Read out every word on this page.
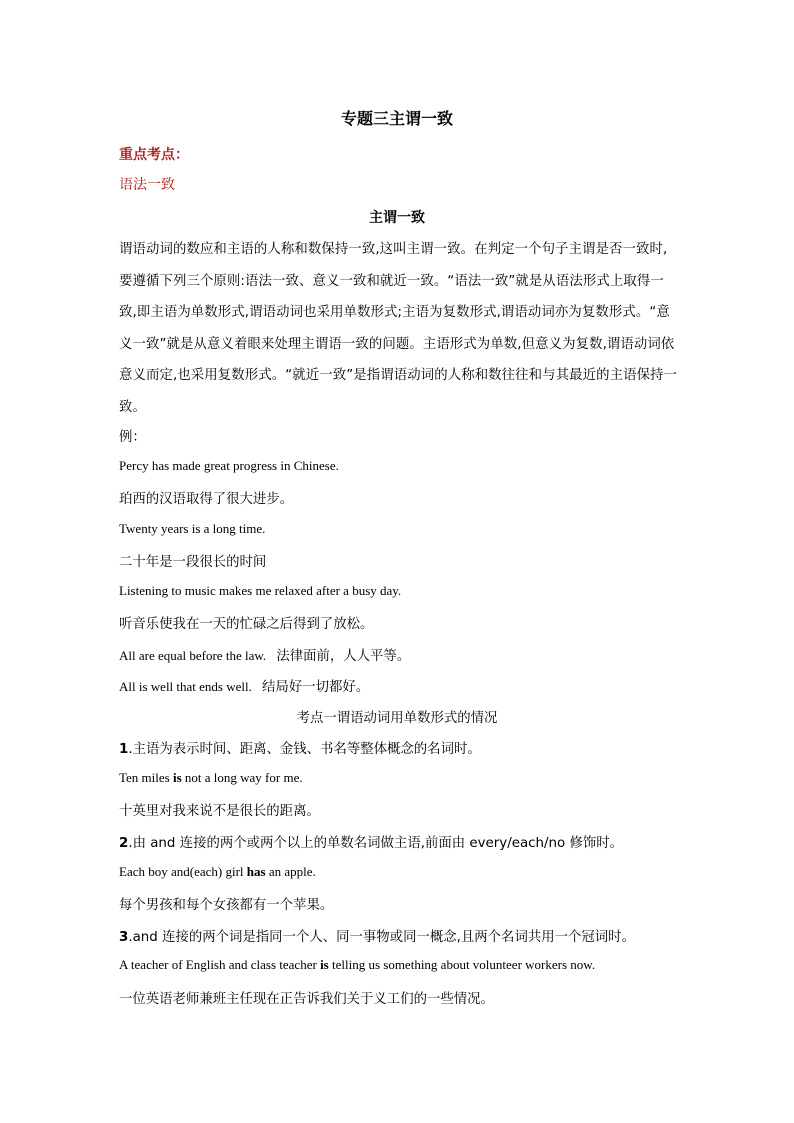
专题三主谓一致
重点考点：
语法一致
主谓一致
谓语动词的数应和主语的人称和数保持一致,这叫主谓一致。在判定一个句子主谓是否一致时,要遵循下列三个原则:语法一致、意义一致和就近一致。“语法一致”就是从语法形式上取得一致,即主语为单数形式,谓语动词也采用单数形式;主语为复数形式,谓语动词亦为复数形式。“意义一致”就是从意义着眼来处理主谓语一致的问题。主语形式为单数,但意义为复数,谓语动词依意义而定,也采用复数形式。“就近一致”是指谓语动词的人称和数往往和与其最近的主语保持一致。
例：
Percy has made great progress in Chinese.
珀西的汉语取得了很大进步。
Twenty years is a long time.
二十年是一段很长的时间
Listening to music makes me relaxed after a busy day.
听音乐使我在一天的忙碌之后得到了放松。
All are equal before the law. 法律面前，人人平等。
All is well that ends well. 结局好一切都好。
考点一谓语动词用单数形式的情况
1.主语为表示时间、距离、金钱、书名等整体概念的名词时。
Ten miles is not a long way for me.
十英里对我来说不是很长的距离。
2.由 and 连接的两个或两个以上的单数名词做主语,前面由 every/each/no 修饰时。
Each boy and(each) girl has an apple.
每个男孩和每个女孩都有一个苹果。
3.and 连接的两个词是指同一个人、同一事物或同一概念,且两个名词共用一个冠词时。
A teacher of English and class teacher is telling us something about volunteer workers now.
一位英语老师兼班主任现在正告诉我们关于义工们的一些情况。
